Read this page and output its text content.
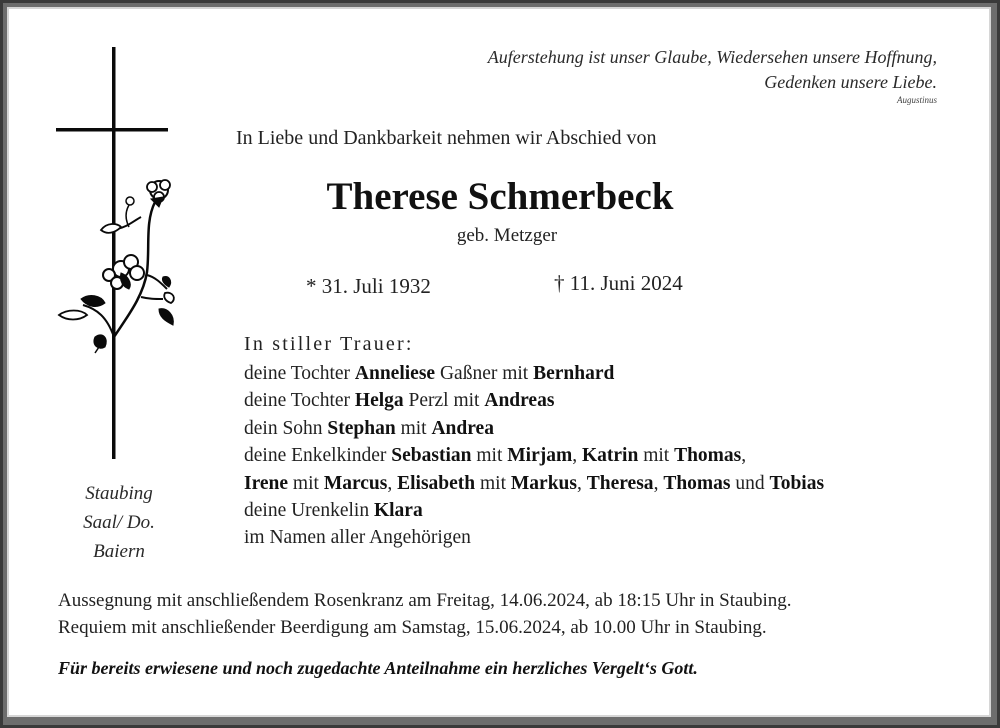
Auferstehung ist unser Glaube, Wiedersehen unsere Hoffnung,
Gedenken unsere Liebe.
Augustinus
In Liebe und Dankbarkeit nehmen wir Abschied von
Therese Schmerbeck
geb. Metzger
* 31. Juli 1932	† 11. Juni 2024
In stiller Trauer:
deine Tochter Anneliese Gaßner mit Bernhard
deine Tochter Helga Perzl mit Andreas
dein Sohn Stephan mit Andrea
deine Enkelkinder Sebastian mit Mirjam, Katrin mit Thomas,
Irene mit Marcus, Elisabeth mit Markus, Theresa, Thomas und Tobias
deine Urenkelin Klara
im Namen aller Angehörigen
Staubing
Saal/ Do.
Baiern
Aussegnung mit anschließendem Rosenkranz am Freitag, 14.06.2024, ab 18:15 Uhr in Staubing.
Requiem mit anschließender Beerdigung am Samstag, 15.06.2024, ab 10.00 Uhr in Staubing.
Für bereits erwiesene und noch zugedachte Anteilnahme ein herzliches Vergelt‘s Gott.
